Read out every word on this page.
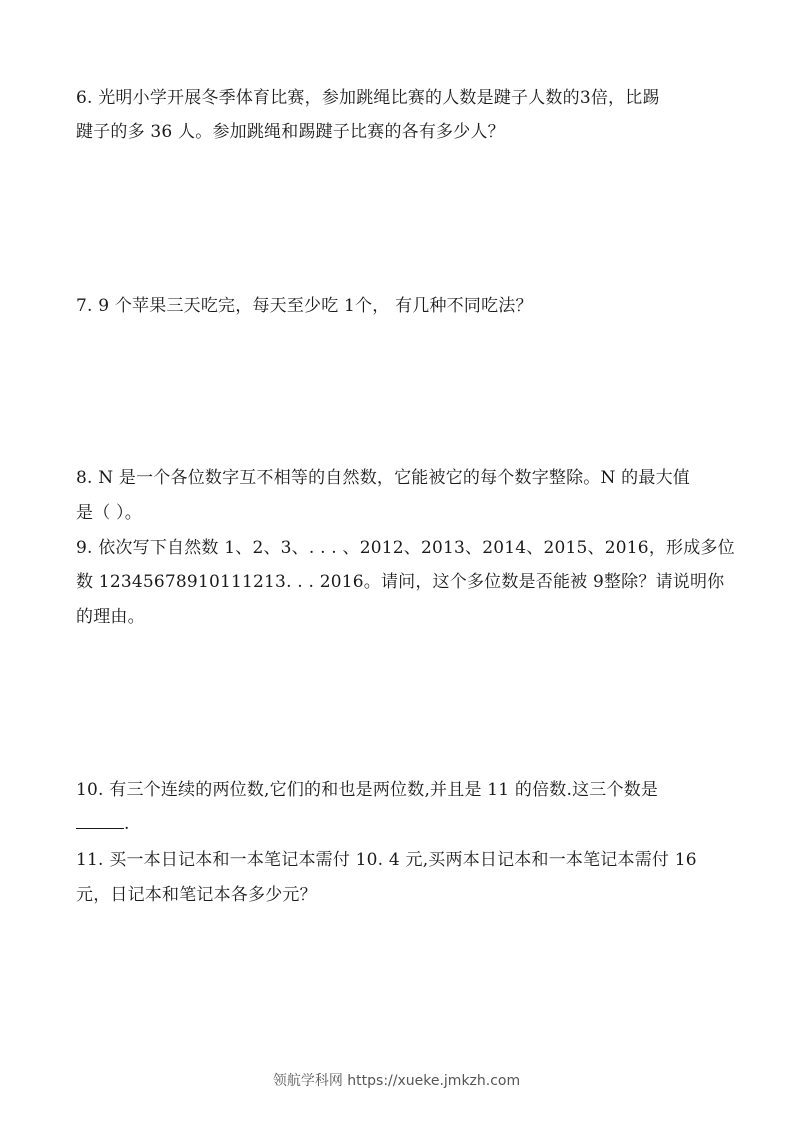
6. 光明小学开展冬季体育比赛，参加跳绳比赛的人数是踺子人数的3倍，比踢
踺子的多 36 人。参加跳绳和踢踺子比赛的各有多少人？
7. 9 个苹果三天吃完，每天至少吃 1个， 有几种不同吃法？
8. N 是一个各位数字互不相等的自然数，它能被它的每个数字整除。N 的最大值
是（ ）。
9. 依次写下自然数 1、2、3、. . . 、2012、2013、2014、2015、2016，形成多位
数 12345678910111213. . . 2016。请问，这个多位数是否能被 9整除？请说明你
的理由。
10. 有三个连续的两位数,它们的和也是两位数,并且是 11 的倍数.这三个数是
.
11. 买一本日记本和一本笔记本需付 10. 4 元,买两本日记本和一本笔记本需付 16
元，日记本和笔记本各多少元？
领航学科网 https://xueke.jmkzh.com
